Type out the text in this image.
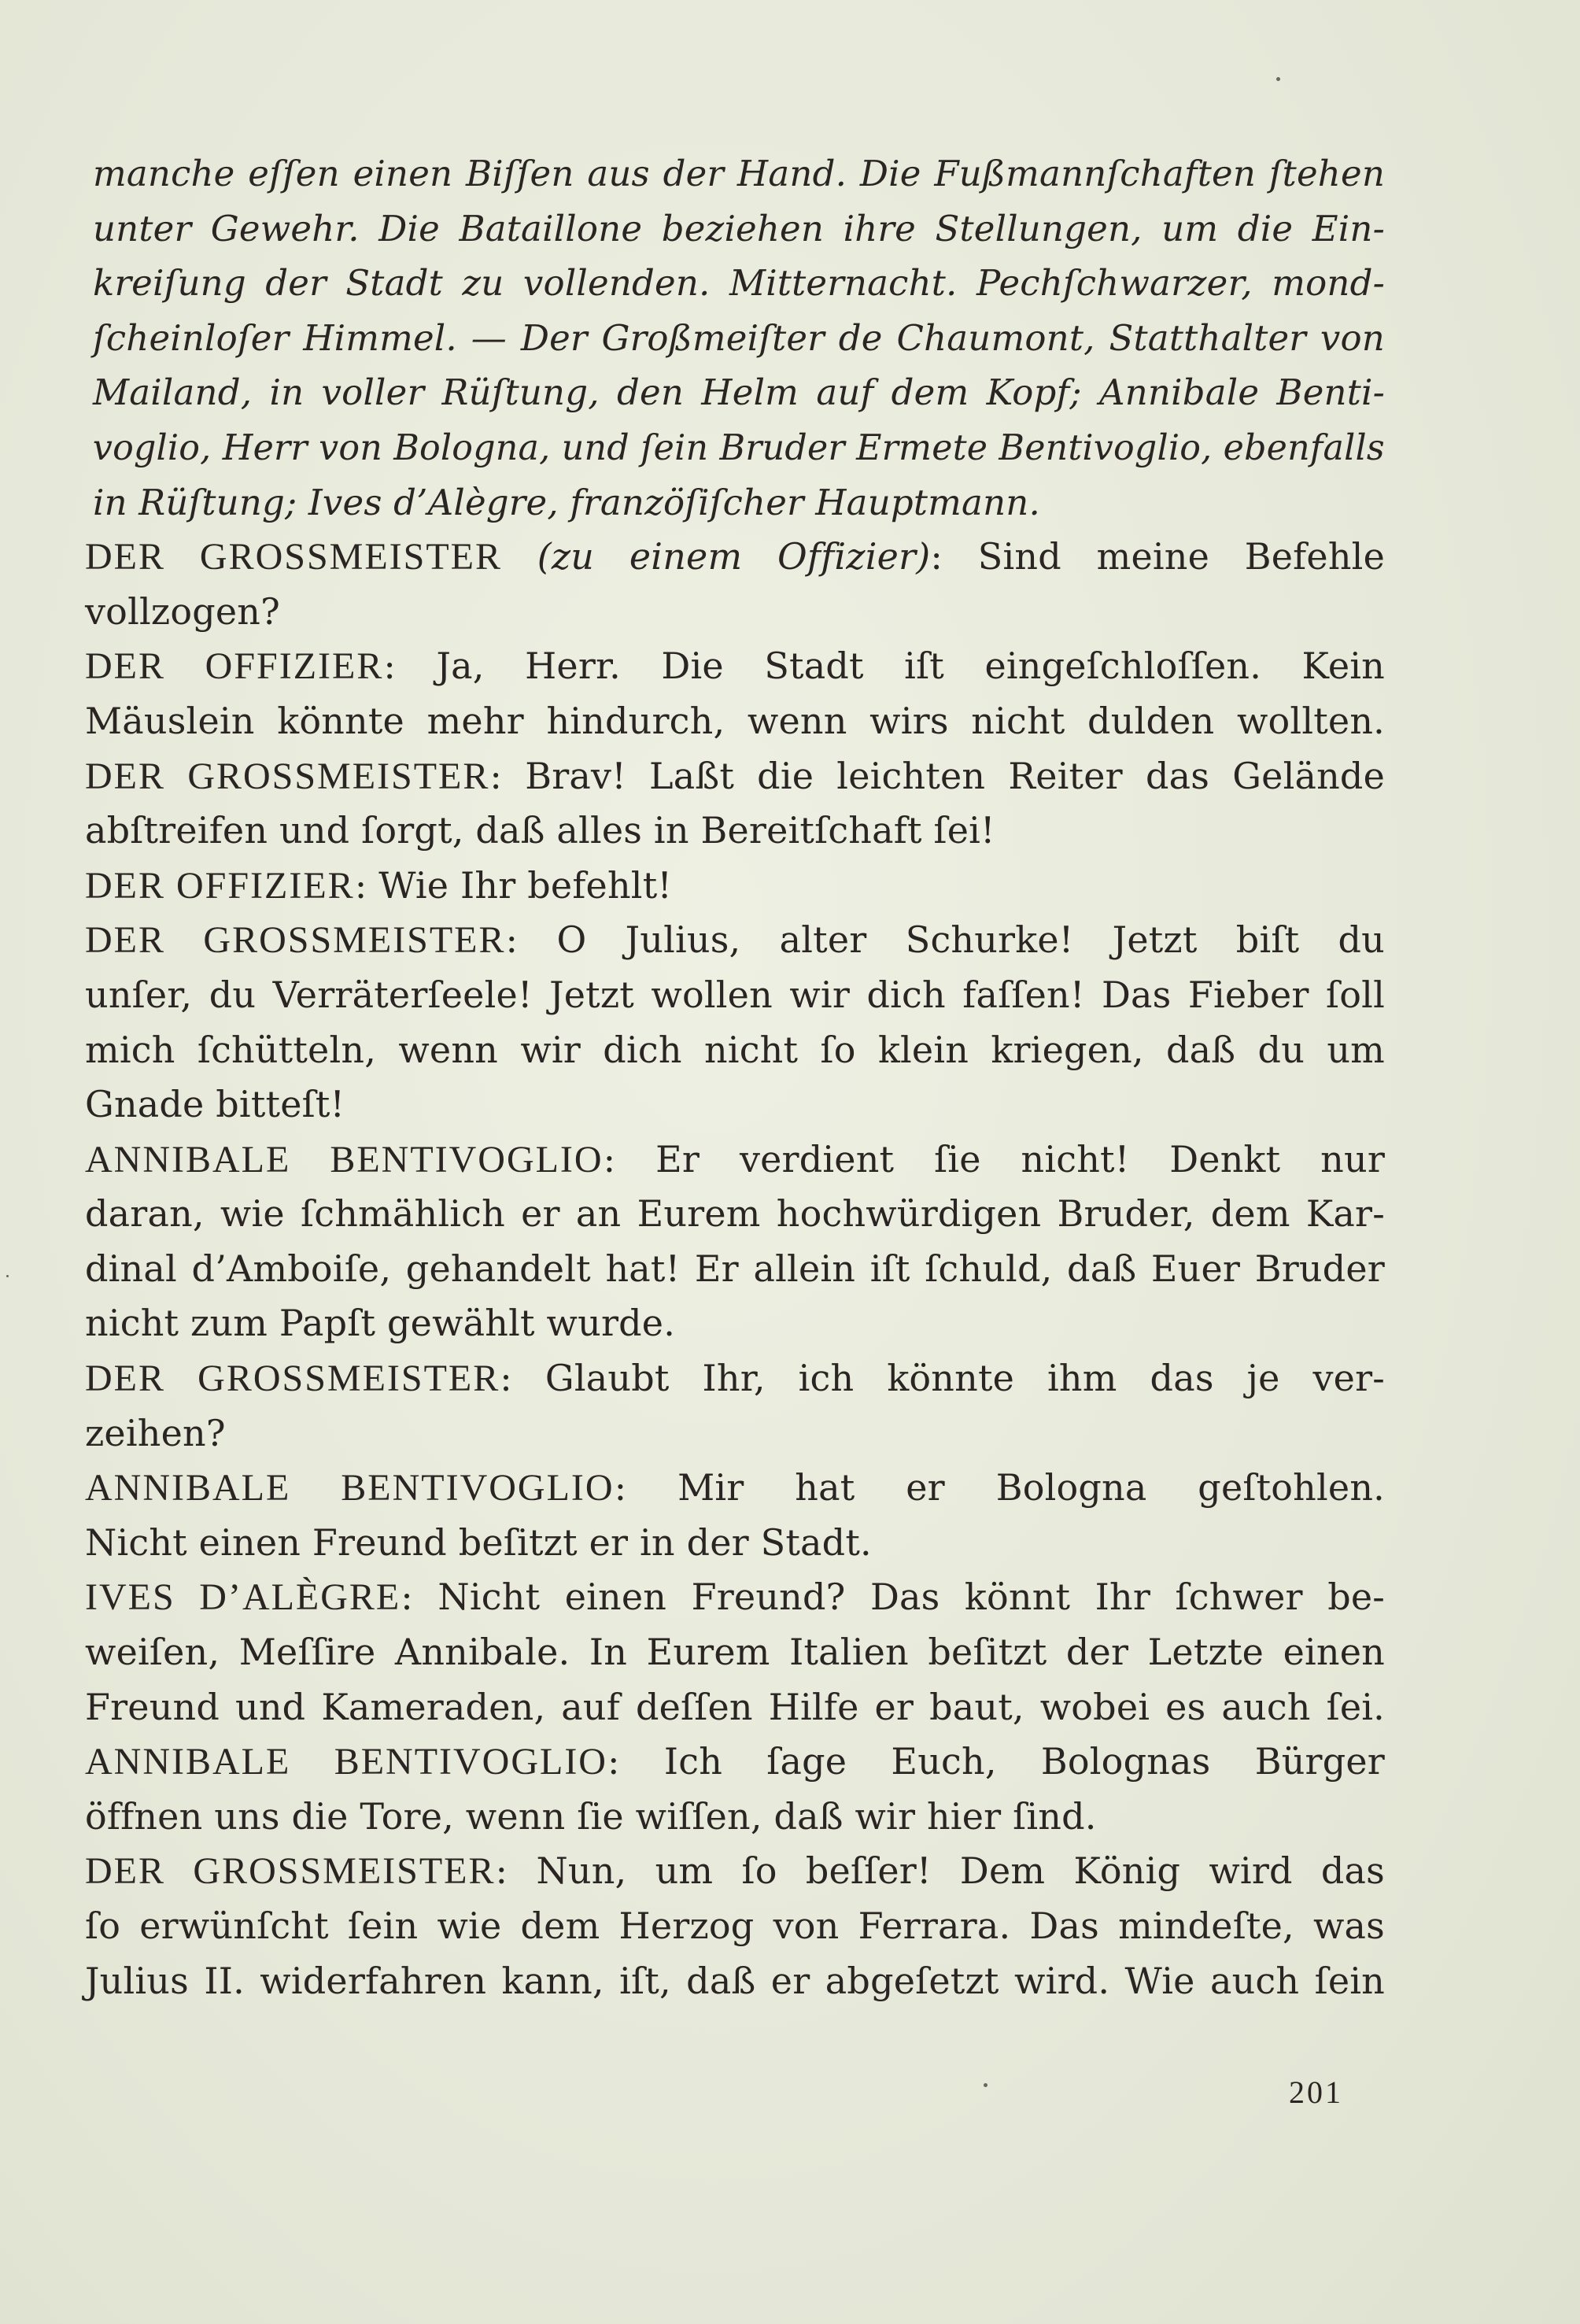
manche eſſen einen Biſſen aus der Hand. Die Fußmannſchaften ſtehen
unter Gewehr. Die Bataillone beziehen ihre Stellungen, um die Ein-
kreiſung der Stadt zu vollenden. Mitternacht. Pechſchwarzer, mond-
ſcheinloſer Himmel. — Der Großmeiſter de Chaumont, Statthalter von
Mailand, in voller Rüſtung, den Helm auf dem Kopf; Annibale Benti-
voglio, Herr von Bologna, und ſein Bruder Ermete Bentivoglio, ebenfalls
in Rüſtung; Ives d’Alègre, franzöſiſcher Hauptmann.
DER GROSSMEISTER (zu einem Offizier): Sind meine Befehle
vollzogen?
DER OFFIZIER: Ja, Herr. Die Stadt iſt eingeſchloſſen. Kein
Mäuslein könnte mehr hindurch, wenn wirs nicht dulden wollten.
DER GROSSMEISTER: Brav! Laßt die leichten Reiter das Gelände
abſtreifen und ſorgt, daß alles in Bereitſchaft ſei!
DER OFFIZIER: Wie Ihr befehlt!
DER GROSSMEISTER: O Julius, alter Schurke! Jetzt biſt du
unſer, du Verräterſeele! Jetzt wollen wir dich faſſen! Das Fieber ſoll
mich ſchütteln, wenn wir dich nicht ſo klein kriegen, daß du um
Gnade bitteſt!
ANNIBALE BENTIVOGLIO: Er verdient ſie nicht! Denkt nur
daran, wie ſchmählich er an Eurem hochwürdigen Bruder, dem Kar-
dinal d’Amboiſe, gehandelt hat! Er allein iſt ſchuld, daß Euer Bruder
nicht zum Papſt gewählt wurde.
DER GROSSMEISTER: Glaubt Ihr, ich könnte ihm das je ver-
zeihen?
ANNIBALE BENTIVOGLIO: Mir hat er Bologna geſtohlen.
Nicht einen Freund beſitzt er in der Stadt.
IVES D’ALÈGRE: Nicht einen Freund? Das könnt Ihr ſchwer be-
weiſen, Meſſire Annibale. In Eurem Italien beſitzt der Letzte einen
Freund und Kameraden, auf deſſen Hilfe er baut, wobei es auch ſei.
ANNIBALE BENTIVOGLIO: Ich ſage Euch, Bolognas Bürger
öffnen uns die Tore, wenn ſie wiſſen, daß wir hier ſind.
DER GROSSMEISTER: Nun, um ſo beſſer! Dem König wird das
ſo erwünſcht ſein wie dem Herzog von Ferrara. Das mindeſte, was
Julius II. widerfahren kann, iſt, daß er abgeſetzt wird. Wie auch ſein
201
